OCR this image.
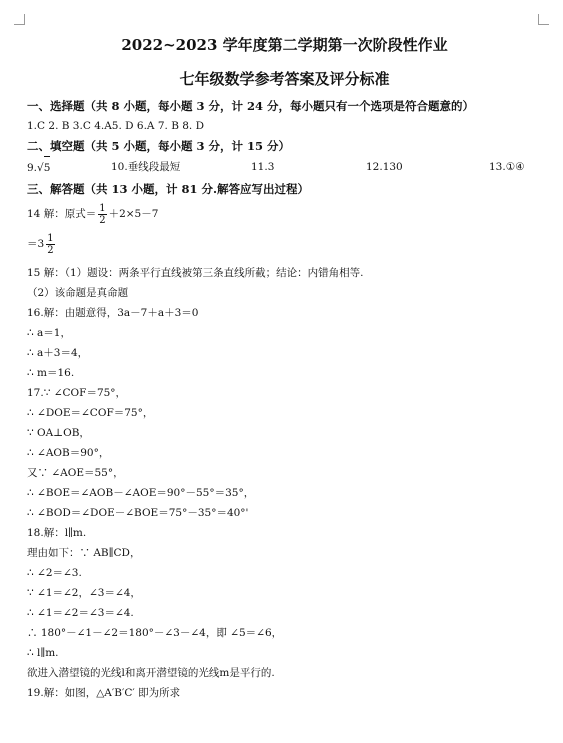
2022~2023 学年度第二学期第一次阶段性作业
七年级数学参考答案及评分标准
一、选择题（共 8 小题，每小题 3 分，计 24 分，每小题只有一个选项是符合题意的）
1.C 2. B 3.C 4.A5. D 6.A 7. B 8. D
二、填空题（共 5 小题，每小题 3 分，计 15 分）
9.√5	10.垂线段最短	11.3	12.130	13.①④
三、解答题（共 13 小题，计 81 分.解答应写出过程）
14 解：原式＝ $\frac{1}{2} +2\times 5-7$
$=3 \frac{1}{2}$
15 解：（1）题设：两条平行直线被第三条直线所截；结论：内错角相等.
（2）该命题是真命题
16.解：由题意得，3a－7＋a＋3＝0
∴ a＝1，
∴ a＋3＝4，
∴ m＝16.
17.∵ ∠COF＝75°，
∴ ∠DOE＝∠COF＝75°，
∵ OA⊥OB，
∴ ∠AOB＝90°，
又∵ ∠AOE＝55°，
∴ ∠BOE＝∠AOB－∠AOE＝90°－55°＝35°，
∴ ∠BOD＝∠DOE－∠BOE＝75°－35°＝40°'
18.解：l∥m.
理由如下：∵ AB∥CD，
∴ ∠2＝∠3.
∵ ∠1＝∠2，∠3＝∠4，
∴ ∠1＝∠2＝∠3＝∠4.
∴ 180°－∠1－∠2＝180°－∠3－∠4，即 ∠5＝∠6，
∴ l∥m.
欲进入潜望镜的光线l和离开潜望镜的光线m是平行的.
19.解：如图，△A′B′C′ 即为所求
